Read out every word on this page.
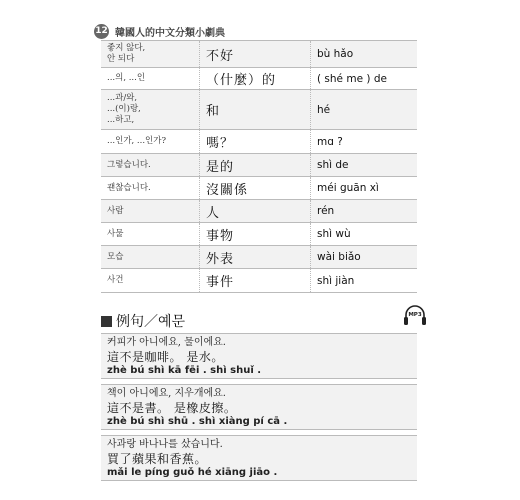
12 韓國人的中文分類小劇典
좋지 않다,
안 되다	不好	bù hǎo
...의, ...인	（什麼）的	( shé me ) de
...과/와,
...(이)랑,
...하고,	和	hé
...인가, ...인가?	嗎？	mɑ ?
그렇습니다.	是的	shì de
괜찮습니다.	沒關係	méi guān xì
사람	人	rén
사물	事物	shì wù
모습	外表	wài biǎo
사건	事件	shì jiàn
例句／예문	MP3
커피가 아니에요, 물이에요.
這不是咖啡。 是水。
zhè bú shì kā fēi . shì shuǐ .
책이 아니에요, 지우개에요.
這不是書。 是橡皮擦。
zhè bú shì shū . shì xiàng pí cā .
사과랑 바나나를 샀습니다.
買了蘋果和香蕉。
mǎi le píng guǒ hé xiāng jiāo .
